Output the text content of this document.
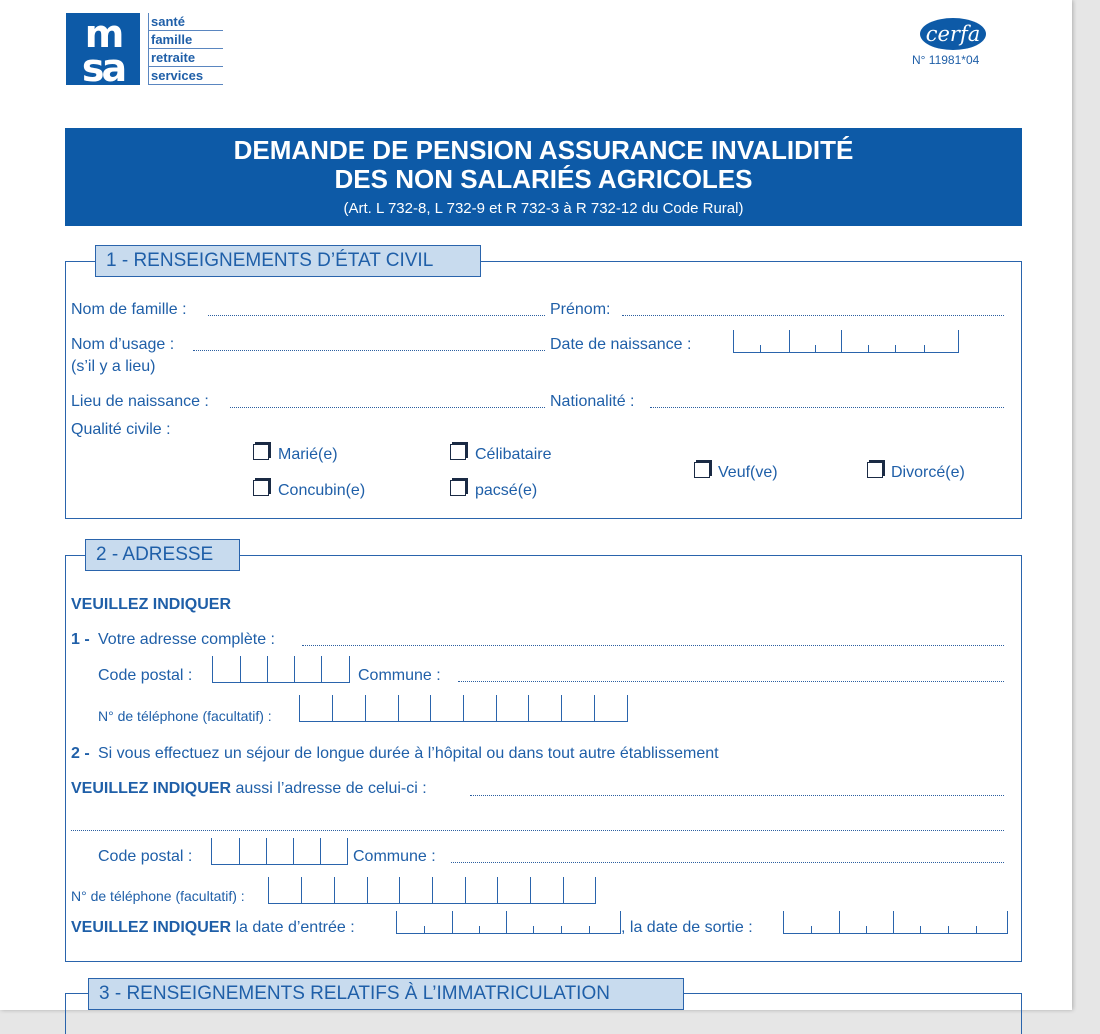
m
sa
santé
famille
retraite
services
cerfa
N° 11981*04
DEMANDE DE PENSION ASSURANCE INVALIDITÉ
DES NON SALARIÉS AGRICOLES
(Art. L 732-8, L 732-9 et R 732-3 à R 732-12 du Code Rural)
1 - RENSEIGNEMENTS D’ÉTAT CIVIL
Nom de famille :	Prénom:
Nom d’usage :
(s’il y a lieu)
Date de naissance :
Lieu de naissance :	Nationalité :
Qualité civile :
Marié(e)	Célibataire
Concubin(e)	pacsé(e)
Veuf(ve)	Divorcé(e)
2 - ADRESSE
VEUILLEZ INDIQUER
1 - Votre adresse complète :
Code postal :	Commune :
N° de téléphone (facultatif) :
2 - Si vous effectuez un séjour de longue durée à l’hôpital ou dans tout autre établissement
VEUILLEZ INDIQUER aussi l’adresse de celui-ci :
Code postal :	Commune :
N° de téléphone (facultatif) :
VEUILLEZ INDIQUER la date d’entrée :	, la date de sortie :
3 - RENSEIGNEMENTS RELATIFS À L’IMMATRICULATION
